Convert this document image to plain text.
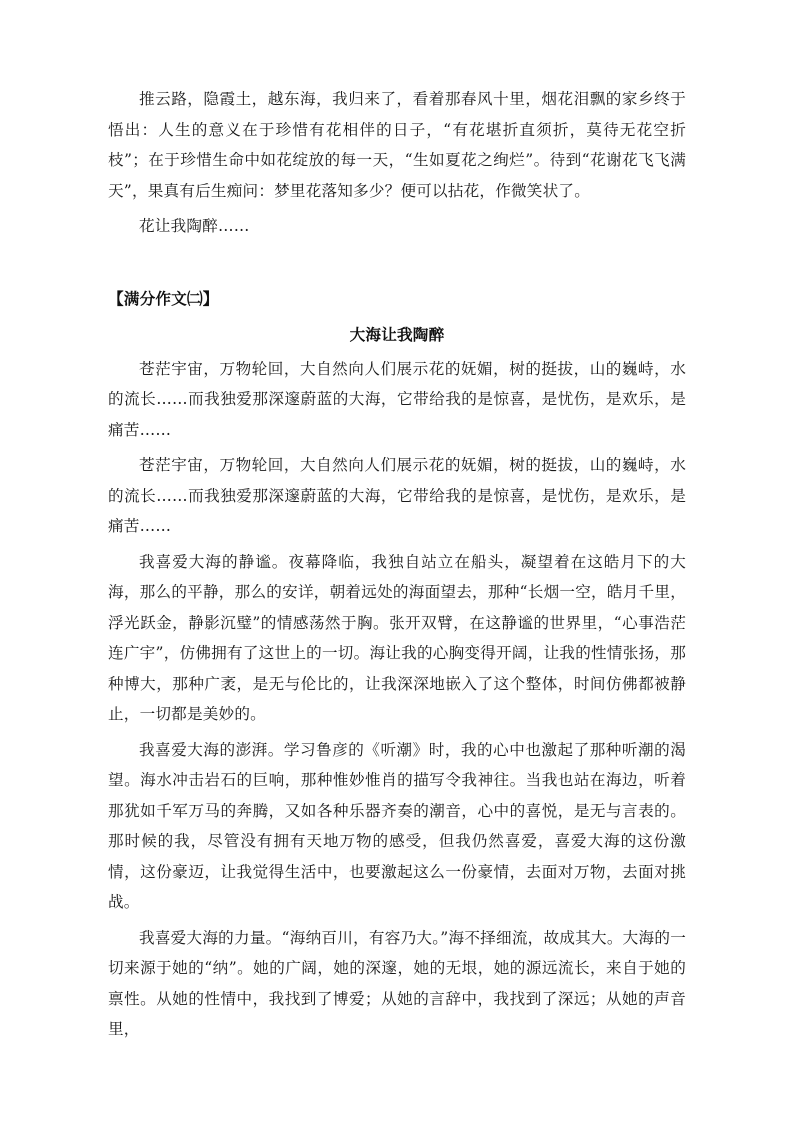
推云路，隐霞土，越东海，我归来了，看着那春风十里，烟花泪飘的家乡终于悟出：人生的意义在于珍惜有花相伴的日子，“有花堪折直须折，莫待无花空折枝”；在于珍惜生命中如花绽放的每一天，“生如夏花之绚烂”。待到“花谢花飞飞满天”，果真有后生痴问：梦里花落知多少？便可以拈花，作微笑状了。

花让我陶醉……

【满分作文㈡】
大海让我陶醉

苍茫宇宙，万物轮回，大自然向人们展示花的妩媚，树的挺拔，山的巍峙，水的流长……而我独爱那深邃蔚蓝的大海，它带给我的是惊喜，是忧伤，是欢乐，是痛苦……

苍茫宇宙，万物轮回，大自然向人们展示花的妩媚，树的挺拔，山的巍峙，水的流长……而我独爱那深邃蔚蓝的大海，它带给我的是惊喜，是忧伤，是欢乐，是痛苦……

我喜爱大海的静谧。夜幕降临，我独自站立在船头，凝望着在这皓月下的大海，那么的平静，那么的安详，朝着远处的海面望去，那种“长烟一空，皓月千里，浮光跃金，静影沉璧”的情感荡然于胸。张开双臂，在这静谧的世界里，“心事浩茫连广宇”，仿佛拥有了这世上的一切。海让我的心胸变得开阔，让我的性情张扬，那种博大，那种广袤，是无与伦比的，让我深深地嵌入了这个整体，时间仿佛都被静止，一切都是美妙的。

我喜爱大海的澎湃。学习鲁彦的《听潮》时，我的心中也激起了那种听潮的渴望。海水冲击岩石的巨响，那种惟妙惟肖的描写令我神往。当我也站在海边，听着那犹如千军万马的奔腾，又如各种乐器齐奏的潮音，心中的喜悦，是无与言表的。那时候的我，尽管没有拥有天地万物的感受，但我仍然喜爱，喜爱大海的这份激情，这份豪迈，让我觉得生活中，也要激起这么一份豪情，去面对万物，去面对挑战。

我喜爱大海的力量。“海纳百川，有容乃大。”海不择细流，故成其大。大海的一切来源于她的“纳”。她的广阔，她的深邃，她的无垠，她的源远流长，来自于她的禀性。从她的性情中，我找到了博爱；从她的言辞中，我找到了深远；从她的声音里，
